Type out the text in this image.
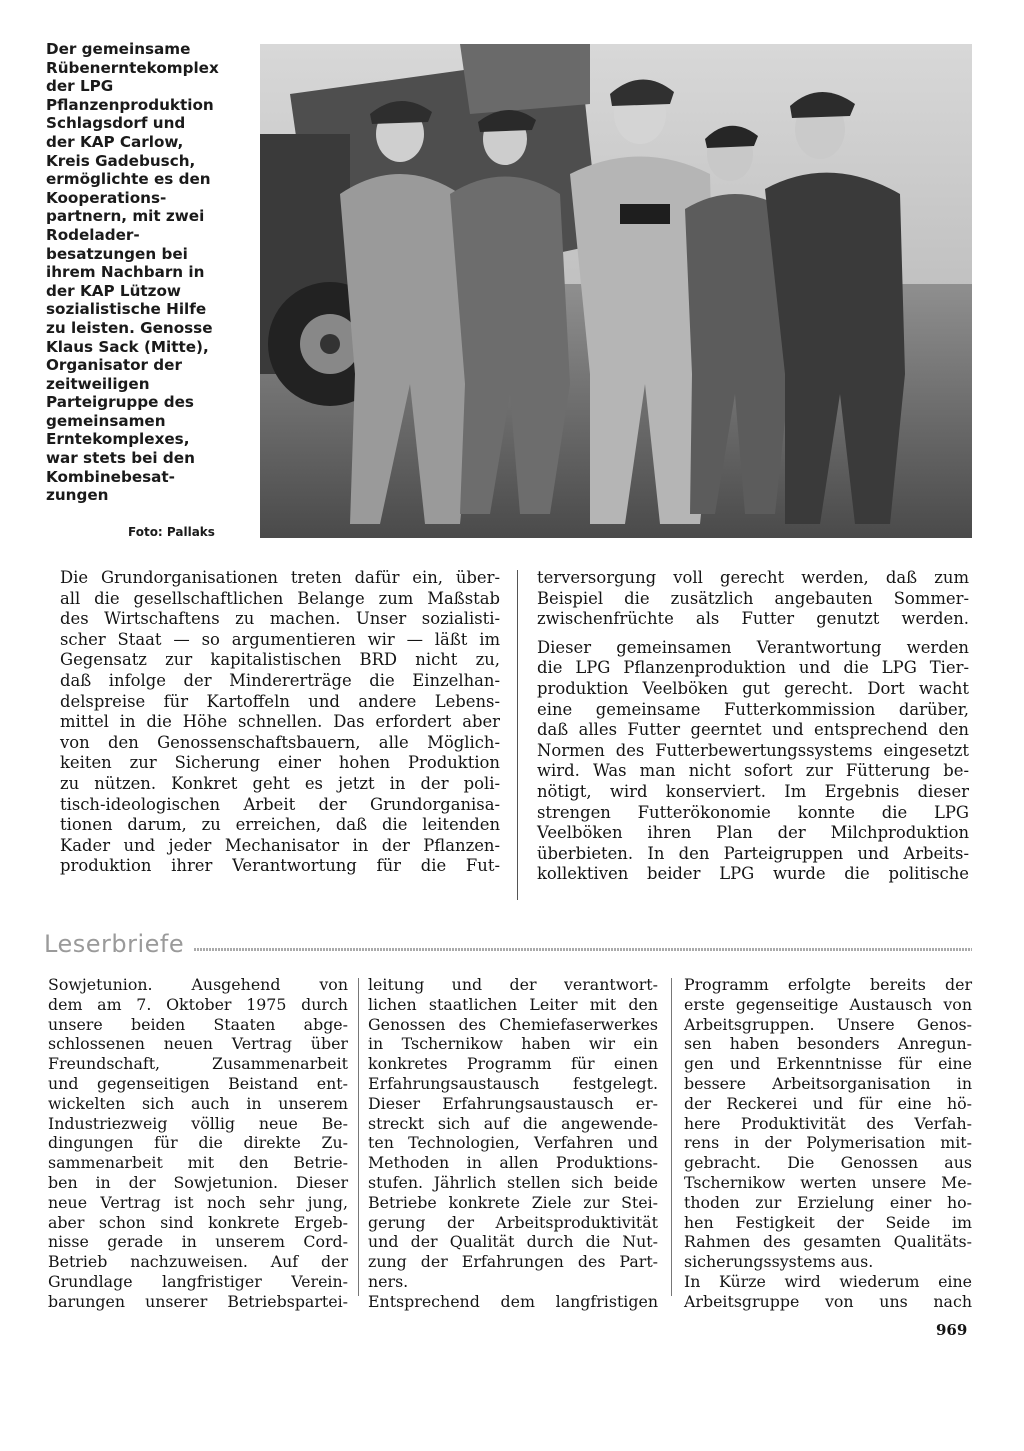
Der gemeinsame
Rübenerntekomplex
der LPG
Pflanzenproduktion
Schlagsdorf und
der KAP Carlow,
Kreis Gadebusch,
ermöglichte es den
Kooperations-
partnern, mit zwei
Rodelader-
besatzungen bei
ihrem Nachbarn in
der KAP Lützow
sozialistische Hilfe
zu leisten. Genosse
Klaus Sack (Mitte),
Organisator der
zeitweiligen
Parteigruppe des
gemeinsamen
Erntekomplexes,
war stets bei den
Kombinebesat-
zungen
Foto: Pallaks
Die Grundorganisationen treten dafür ein, über-
all die gesellschaftlichen Belange zum Maßstab
des Wirtschaftens zu machen. Unser sozialisti-
scher Staat — so argumentieren wir — läßt im
Gegensatz zur kapitalistischen BRD nicht zu,
daß infolge der Mindererträge die Einzelhan-
delspreise für Kartoffeln und andere Lebens-
mittel in die Höhe schnellen. Das erfordert aber
von den Genossenschaftsbauern, alle Möglich-
keiten zur Sicherung einer hohen Produktion
zu nützen. Konkret geht es jetzt in der poli-
tisch-ideologischen Arbeit der Grundorganisa-
tionen darum, zu erreichen, daß die leitenden
Kader und jeder Mechanisator in der Pflanzen-
produktion ihrer Verantwortung für die Fut-
terversorgung voll gerecht werden, daß zum
Beispiel die zusätzlich angebauten Sommer-
zwischenfrüchte als Futter genutzt werden.
Dieser gemeinsamen Verantwortung werden
die LPG Pflanzenproduktion und die LPG Tier-
produktion Veelböken gut gerecht. Dort wacht
eine gemeinsame Futterkommission darüber,
daß alles Futter geerntet und entsprechend den
Normen des Futterbewertungssystems eingesetzt
wird. Was man nicht sofort zur Fütterung be-
nötigt, wird konserviert. Im Ergebnis dieser
strengen Futterökonomie konnte die LPG
Veelböken ihren Plan der Milchproduktion
überbieten. In den Parteigruppen und Arbeits-
kollektiven beider LPG wurde die politische
Leserbriefe
Sowjetunion. Ausgehend von
dem am 7. Oktober 1975 durch
unsere beiden Staaten abge-
schlossenen neuen Vertrag über
Freundschaft, Zusammenarbeit
und gegenseitigen Beistand ent-
wickelten sich auch in unserem
Industriezweig völlig neue Be-
dingungen für die direkte Zu-
sammenarbeit mit den Betrie-
ben in der Sowjetunion. Dieser
neue Vertrag ist noch sehr jung,
aber schon sind konkrete Ergeb-
nisse gerade in unserem Cord-
Betrieb nachzuweisen. Auf der
Grundlage langfristiger Verein-
barungen unserer Betriebspartei-
leitung und der verantwort-
lichen staatlichen Leiter mit den
Genossen des Chemiefaserwerkes
in Tschernikow haben wir ein
konkretes Programm für einen
Erfahrungsaustausch festgelegt.
Dieser Erfahrungsaustausch er-
streckt sich auf die angewende-
ten Technologien, Verfahren und
Methoden in allen Produktions-
stufen. Jährlich stellen sich beide
Betriebe konkrete Ziele zur Stei-
gerung der Arbeitsproduktivität
und der Qualität durch die Nut-
zung der Erfahrungen des Part-
ners.
Entsprechend dem langfristigen
Programm erfolgte bereits der
erste gegenseitige Austausch von
Arbeitsgruppen. Unsere Genos-
sen haben besonders Anregun-
gen und Erkenntnisse für eine
bessere Arbeitsorganisation in
der Reckerei und für eine hö-
here Produktivität des Verfah-
rens in der Polymerisation mit-
gebracht. Die Genossen aus
Tschernikow werten unsere Me-
thoden zur Erzielung einer ho-
hen Festigkeit der Seide im
Rahmen des gesamten Qualitäts-
sicherungssystems aus.
In Kürze wird wiederum eine
Arbeitsgruppe von uns nach
969
